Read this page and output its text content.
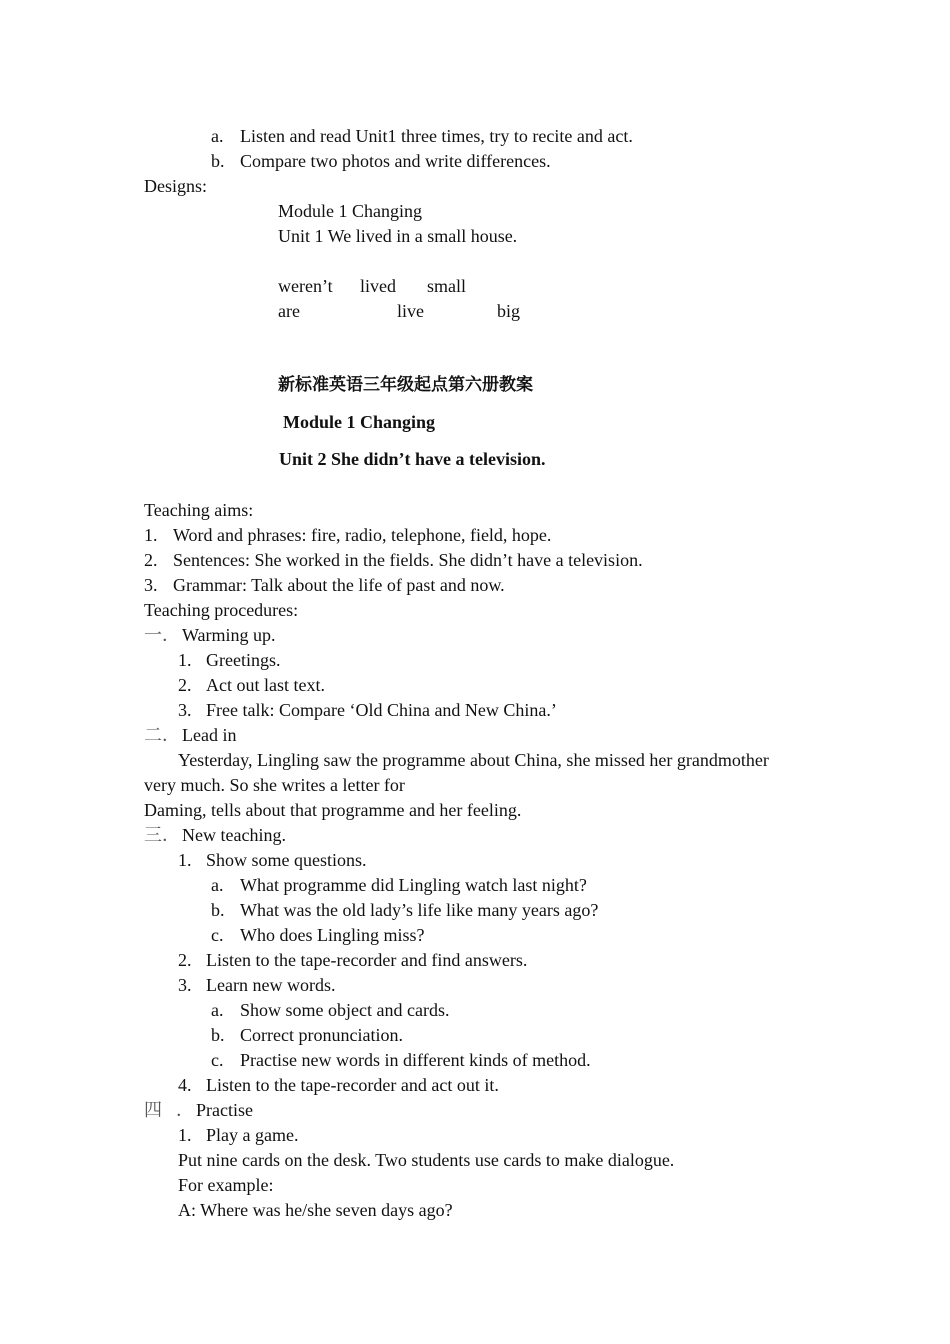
a. Listen and read Unit1 three times, try to recite and act.
b. Compare two photos and write differences.
Designs:
Module 1 Changing
Unit 1 We lived in a small house.
weren’t lived small
are	live	big
新标准英语三年级起点第六册教案
Module 1 Changing
Unit 2 She didn’t have a television.
Teaching aims:
1. Word and phrases: fire, radio, telephone, field, hope.
2. Sentences: She worked in the fields. She didn’t have a television.
3. Grammar: Talk about the life of past and now.
Teaching procedures:
一． Warming up.
1. Greetings.
2. Act out last text.
3. Free talk: Compare ‘Old China and New China.’
二． Lead in
Yesterday, Lingling saw the programme about China, she missed her grandmother
very much. So she writes a letter for
Daming, tells about that programme and her feeling.
三． New teaching.
1. Show some questions.
a. What programme did Lingling watch last night?
b. What was the old lady’s life like many years ago?
c. Who does Lingling miss?
2. Listen to the tape-recorder and find answers.
3. Learn new words.
a. Show some object and cards.
b. Correct pronunciation.
c. Practise new words in different kinds of method.
4. Listen to the tape-recorder and act out it.
四 ． Practise
1. Play a game.
Put nine cards on the desk. Two students use cards to make dialogue.
For example:
A: Where was he/she seven days ago?
